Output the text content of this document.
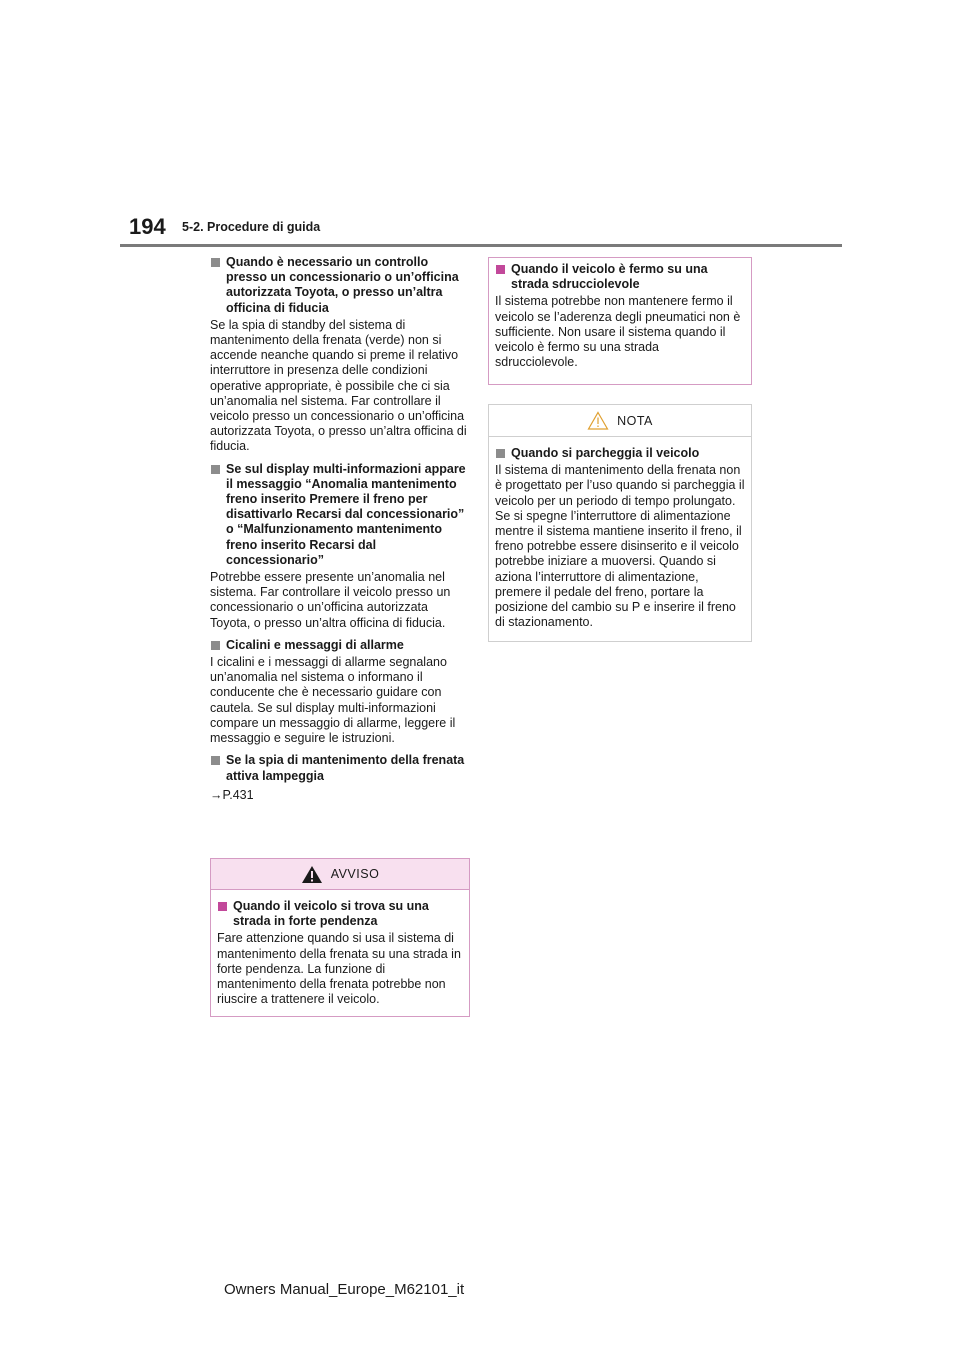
194 5-2. Procedure di guida
Quando è necessario un controllo presso un concessionario o un’officina autorizzata Toyota, o presso un’altra officina di fiducia
Se la spia di standby del sistema di mantenimento della frenata (verde) non si accende neanche quando si preme il relativo interruttore in presenza delle condizioni operative appropriate, è possibile che ci sia un’anomalia nel sistema. Far controllare il veicolo presso un concessionario o un’officina autorizzata Toyota, o presso un’altra officina di fiducia.
Se sul display multi-informazioni appare il messaggio “Anomalia mantenimento freno inserito Premere il freno per disattivarlo Recarsi dal concessionario” o “Malfunzionamento mantenimento freno inserito Recarsi dal concessionario”
Potrebbe essere presente un’anomalia nel sistema. Far controllare il veicolo presso un concessionario o un’officina autorizzata Toyota, o presso un’altra officina di fiducia.
Cicalini e messaggi di allarme
I cicalini e i messaggi di allarme segnalano un’anomalia nel sistema o informano il conducente che è necessario guidare con cautela. Se sul display multi-informazioni compare un messaggio di allarme, leggere il messaggio e seguire le istruzioni.
Se la spia di mantenimento della frenata attiva lampeggia
→P.431
AVVISO
Quando il veicolo si trova su una strada in forte pendenza
Fare attenzione quando si usa il sistema di mantenimento della frenata su una strada in forte pendenza. La funzione di mantenimento della frenata potrebbe non riuscire a trattenere il veicolo.
Quando il veicolo è fermo su una strada sdrucciolevole
Il sistema potrebbe non mantenere fermo il veicolo se l’aderenza degli pneumatici non è sufficiente. Non usare il sistema quando il veicolo è fermo su una strada sdrucciolevole.
NOTA
Quando si parcheggia il veicolo
Il sistema di mantenimento della frenata non è progettato per l’uso quando si parcheggia il veicolo per un periodo di tempo prolungato. Se si spegne l’interruttore di alimentazione mentre il sistema mantiene inserito il freno, il freno potrebbe essere disinserito e il veicolo potrebbe iniziare a muoversi. Quando si aziona l’interruttore di alimentazione, premere il pedale del freno, portare la posizione del cambio su P e inserire il freno di stazionamento.
Owners Manual_Europe_M62101_it
